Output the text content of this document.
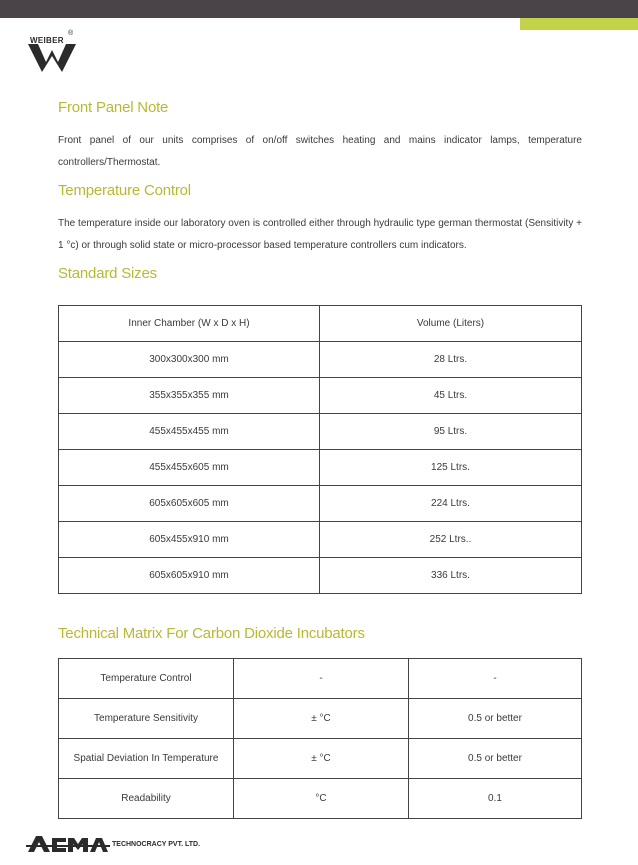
WEIBER
®
Front Panel Note

Front panel of our units comprises of on/off switches heating and mains indicator lamps, temperature controllers/Thermostat.

Temperature Control

The temperature inside our laboratory oven is controlled either through hydraulic type german thermostat (Sensitivity + 1 °c) or through solid state or micro-processor based temperature controllers cum indicators.

Standard Sizes
Inner Chamber (W x D x H)	Volume (Liters)
300x300x300 mm	28 Ltrs.
355x355x355 mm	45 Ltrs.
455x455x455 mm	95 Ltrs.
455x455x605 mm	125 Ltrs.
605x605x605 mm	224 Ltrs.
605x455x910 mm	252 Ltrs..
605x605x910 mm	336 Ltrs.
Technical Matrix For Carbon Dioxide Incubators
Temperature Control	-	-
Temperature Sensitivity	± °C	0.5 or better
Spatial Deviation In Temperature	± °C	0.5 or better
Readability	°C	0.1
TECHNOCRACY PVT. LTD.
